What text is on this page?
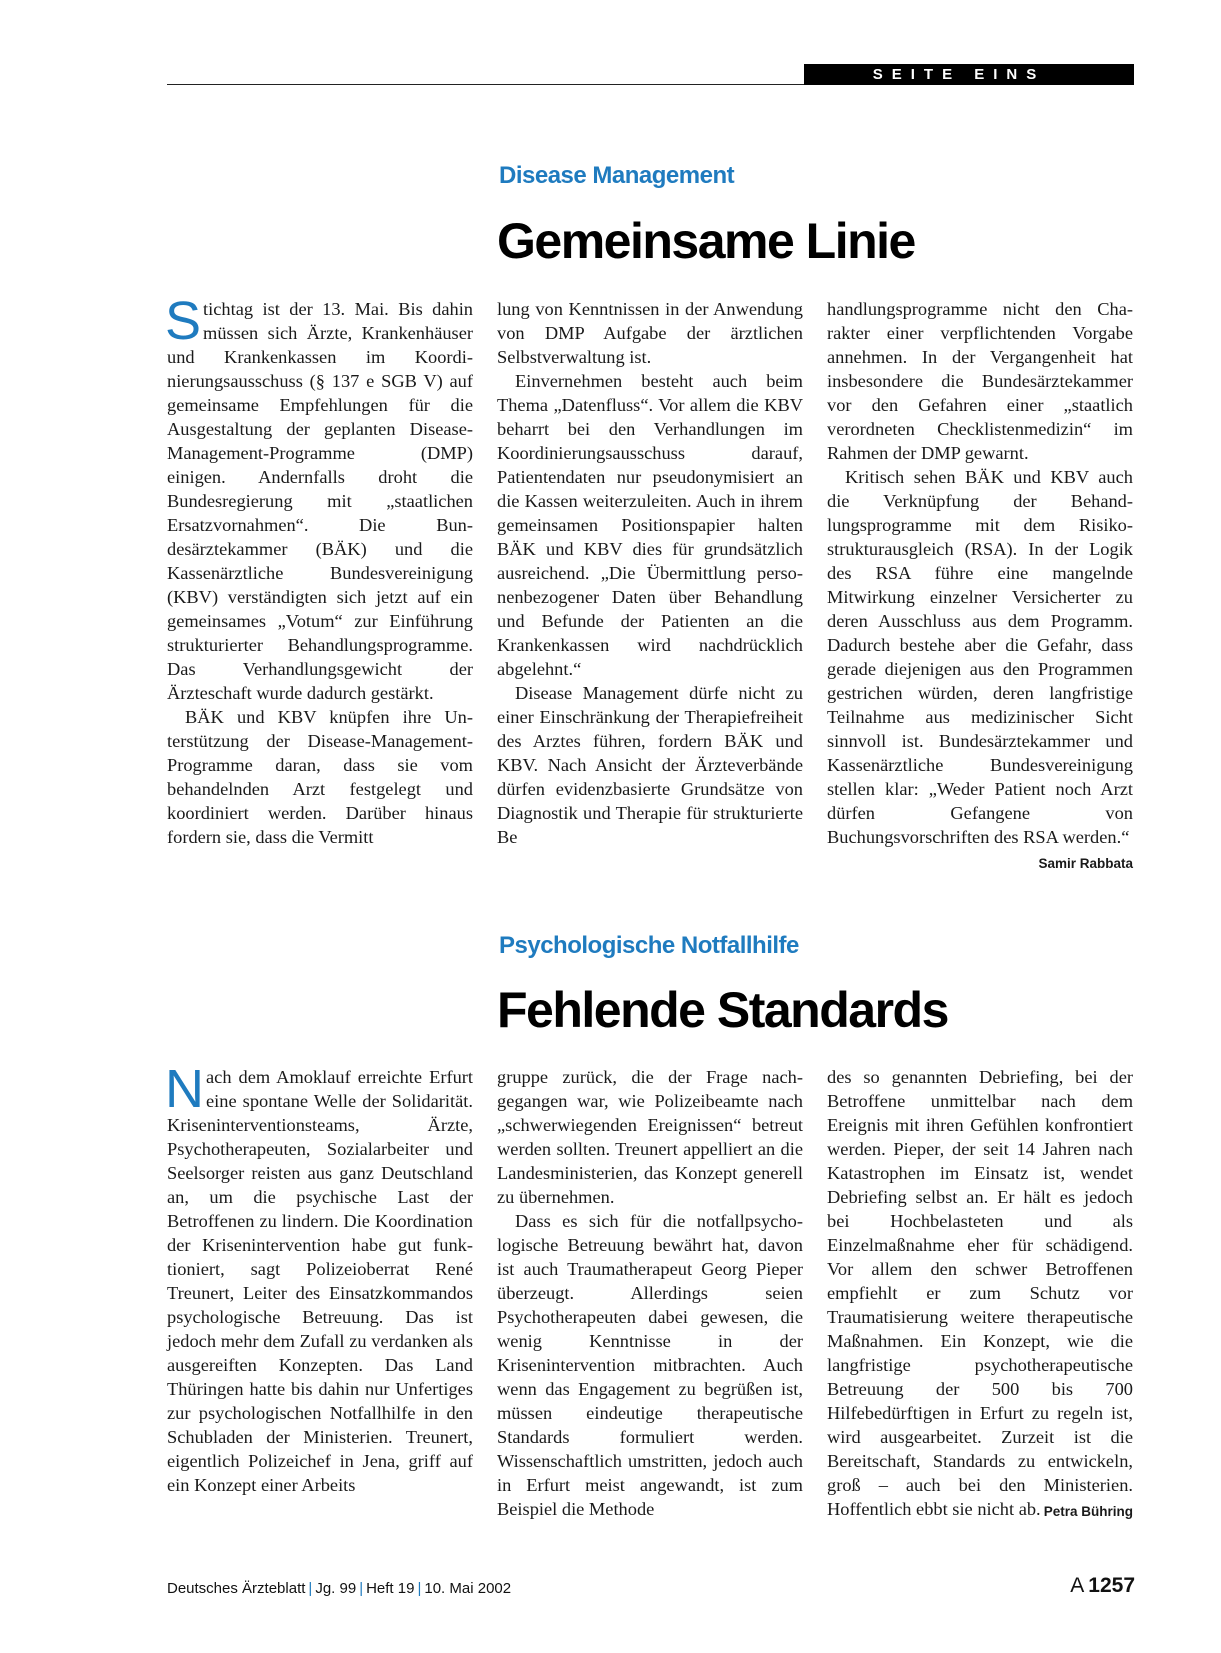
SEITE EINS
Disease Management
Gemeinsame Linie

Stichtag ist der 13. Mai. Bis dahin müssen sich Ärzte, Krankenhäuser und Krankenkassen im Koordinierungsausschuss (§ 137 e SGB V) auf gemeinsame Empfehlungen für die Ausgestaltung der geplanten Disease-Management-Programme (DMP) einigen. Andernfalls droht die Bundesregierung mit „staatlichen Ersatzvornahmen“. Die Bundesärztekammer (BÄK) und die Kassenärztliche Bundesvereinigung (KBV) verständigten sich jetzt auf ein gemeinsames „Votum“ zur Einführung strukturierter Behandlungsprogramme. Das Verhandlungsgewicht der Ärzteschaft wurde dadurch gestärkt.

BÄK und KBV knüpfen ihre Unterstützung der Disease-Management-Programme daran, dass sie vom behandelnden Arzt festgelegt und koordiniert werden. Darüber hinaus fordern sie, dass die Vermitt

lung von Kenntnissen in der Anwendung von DMP Aufgabe der ärztlichen Selbstverwaltung ist.

Einvernehmen besteht auch beim Thema „Datenfluss“. Vor allem die KBV beharrt bei den Verhandlungen im Koordinierungsausschuss darauf, Patientendaten nur pseudonymisiert an die Kassen weiterzuleiten. Auch in ihrem gemeinsamen Positionspapier halten BÄK und KBV dies für grundsätzlich ausreichend. „Die Übermittlung personenbezogener Daten über Behandlung und Befunde der Patienten an die Krankenkassen wird nachdrücklich abgelehnt.“

Disease Management dürfe nicht zu einer Einschränkung der Therapiefreiheit des Arztes führen, fordern BÄK und KBV. Nach Ansicht der Ärzteverbände dürfen evidenzbasierte Grundsätze von Diagnostik und Therapie für strukturierte Be

handlungsprogramme nicht den Charakter einer verpflichtenden Vorgabe annehmen. In der Vergangenheit hat insbesondere die Bundesärztekammer vor den Gefahren einer „staatlich verordneten Checklistenmedizin“ im Rahmen der DMP gewarnt.

Kritisch sehen BÄK und KBV auch die Verknüpfung der Behandlungsprogramme mit dem Risikostrukturausgleich (RSA). In der Logik des RSA führe eine mangelnde Mitwirkung einzelner Versicherter zu deren Ausschluss aus dem Programm. Dadurch bestehe aber die Gefahr, dass gerade diejenigen aus den Programmen gestrichen würden, deren langfristige Teilnahme aus medizinischer Sicht sinnvoll ist. Bundesärztekammer und Kassenärztliche Bundesvereinigung stellen klar: „Weder Patient noch Arzt dürfen Gefangene von Buchungsvorschriften des RSA werden.“
Samir Rabbata

Psychologische Notfallhilfe
Fehlende Standards

Nach dem Amoklauf erreichte Erfurt eine spontane Welle der Solidarität. Kriseninterventionsteams, Ärzte, Psychotherapeuten, Sozialarbeiter und Seelsorger reisten aus ganz Deutschland an, um die psychische Last der Betroffenen zu lindern. Die Koordination der Krisenintervention habe gut funktioniert, sagt Polizeioberrat René Treunert, Leiter des Einsatzkommandos psychologische Betreuung. Das ist jedoch mehr dem Zufall zu verdanken als ausgereiften Konzepten. Das Land Thüringen hatte bis dahin nur Unfertiges zur psychologischen Notfallhilfe in den Schubladen der Ministerien. Treunert, eigentlich Polizeichef in Jena, griff auf ein Konzept einer Arbeits

gruppe zurück, die der Frage nachgegangen war, wie Polizeibeamte nach „schwerwiegenden Ereignissen“ betreut werden sollten. Treunert appelliert an die Landesministerien, das Konzept generell zu übernehmen.

Dass es sich für die notfallpsychologische Betreuung bewährt hat, davon ist auch Traumatherapeut Georg Pieper überzeugt. Allerdings seien Psychotherapeuten dabei gewesen, die wenig Kenntnisse in der Krisenintervention mitbrachten. Auch wenn das Engagement zu begrüßen ist, müssen eindeutige therapeutische Standards formuliert werden. Wissenschaftlich umstritten, jedoch auch in Erfurt meist angewandt, ist zum Beispiel die Methode

des so genannten Debriefing, bei der Betroffene unmittelbar nach dem Ereignis mit ihren Gefühlen konfrontiert werden. Pieper, der seit 14 Jahren nach Katastrophen im Einsatz ist, wendet Debriefing selbst an. Er hält es jedoch bei Hochbelasteten und als Einzelmaßnahme eher für schädigend. Vor allem den schwer Betroffenen empfiehlt er zum Schutz vor Traumatisierung weitere therapeutische Maßnahmen. Ein Konzept, wie die langfristige psychotherapeutische Betreuung der 500 bis 700 Hilfebedürftigen in Erfurt zu regeln ist, wird ausgearbeitet. Zurzeit ist die Bereitschaft, Standards zu entwickeln, groß – auch bei den Ministerien. Hoffentlich ebbt sie nicht ab. Petra Bühring

Deutsches Ärzteblatt | Jg. 99 | Heft 19 | 10. Mai 2002	A 1257
